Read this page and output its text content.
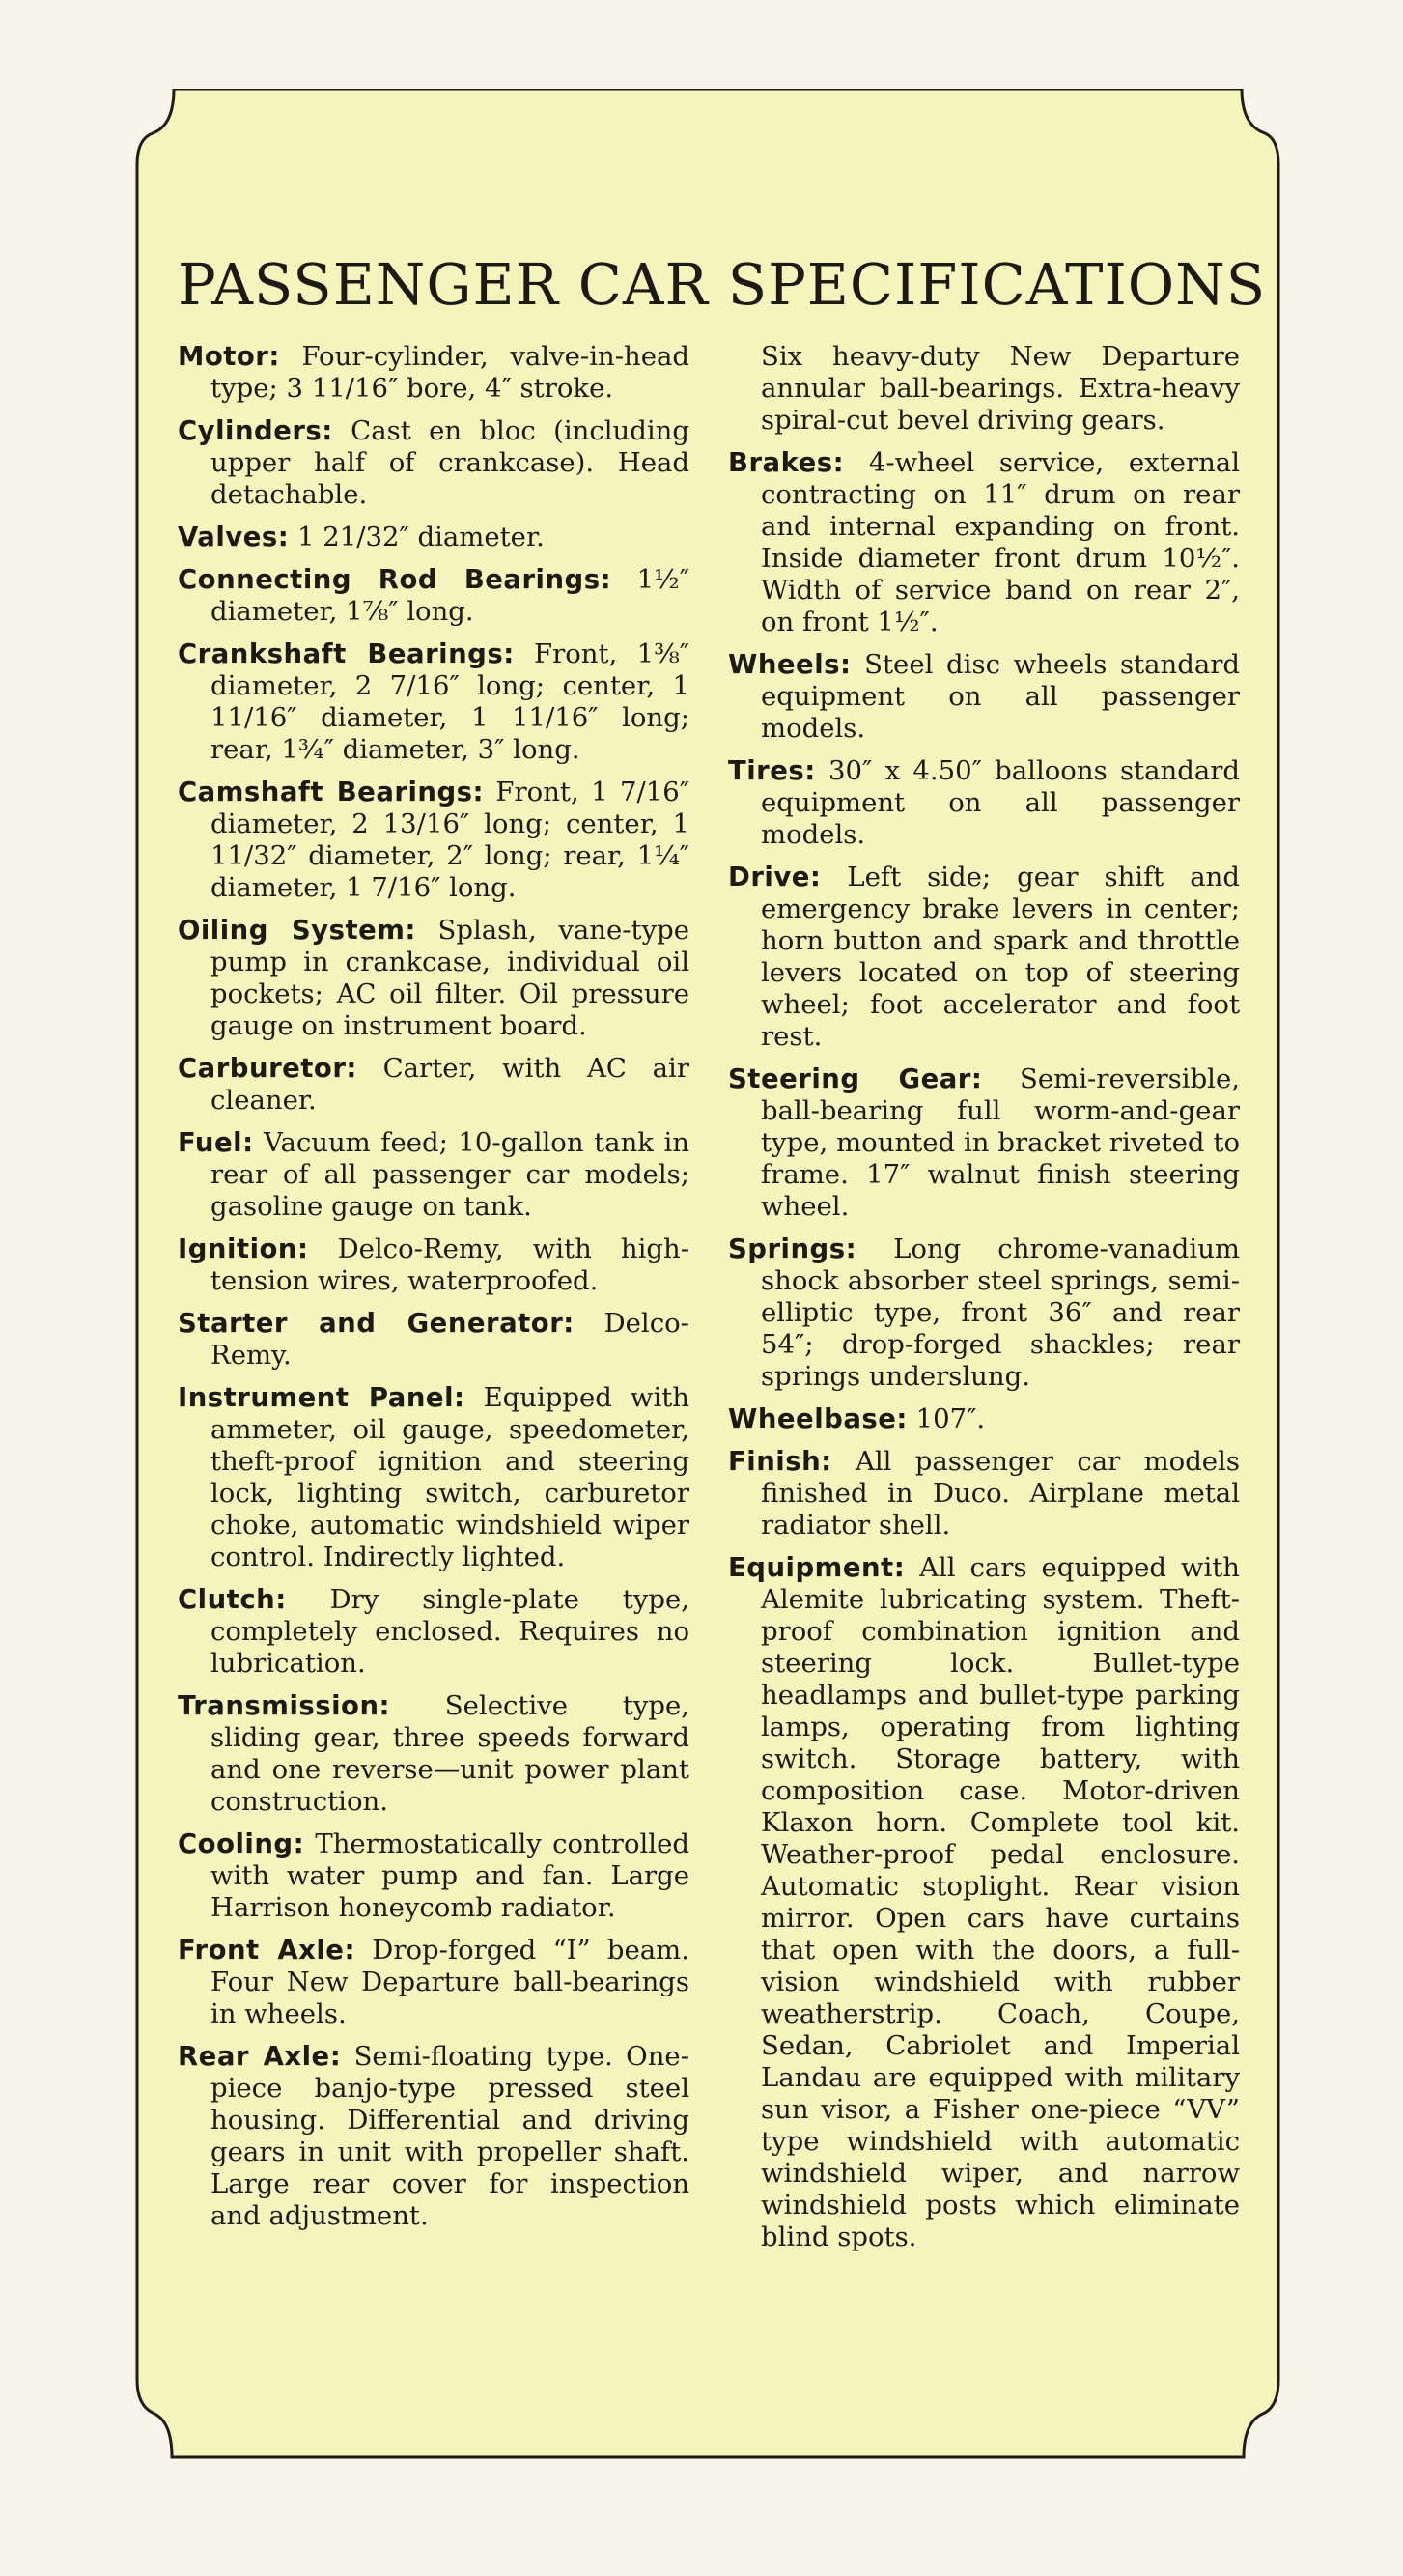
PASSENGER CAR SPECIFICATIONS

Motor: Four-cylinder, valve-in-head type; 3 11/16″ bore, 4″ stroke.

Cylinders: Cast en bloc (including upper half of crankcase). Head detachable.

Valves: 1 21/32″ diameter.

Connecting Rod Bearings: 1½″ diameter, 1⅞″ long.

Crankshaft Bearings: Front, 1⅜″ diameter, 2 7/16″ long; center, 1 11/16″ diameter, 1 11/16″ long; rear, 1¾″ diameter, 3″ long.

Camshaft Bearings: Front, 1 7/16″ diameter, 2 13/16″ long; center, 1 11/32″ diameter, 2″ long; rear, 1¼″ diameter, 1 7/16″ long.

Oiling System: Splash, vane-type pump in crankcase, individual oil pockets; AC oil filter. Oil pressure gauge on instrument board.

Carburetor: Carter, with AC air cleaner.

Fuel: Vacuum feed; 10-gallon tank in rear of all passenger car models; gasoline gauge on tank.

Ignition: Delco-Remy, with high-tension wires, waterproofed.

Starter and Generator: Delco-Remy.

Instrument Panel: Equipped with ammeter, oil gauge, speedometer, theft-proof ignition and steering lock, lighting switch, carburetor choke, automatic windshield wiper control. Indirectly lighted.

Clutch: Dry single-plate type, completely enclosed. Requires no lubrication.

Transmission: Selective type, sliding gear, three speeds forward and one reverse—unit power plant construction.

Cooling: Thermostatically controlled with water pump and fan. Large Harrison honeycomb radiator.

Front Axle: Drop-forged “I” beam. Four New Departure ball-bearings in wheels.

Rear Axle: Semi-floating type. One-piece banjo-type pressed steel housing. Differential and driving gears in unit with propeller shaft. Large rear cover for inspection and adjustment.

Six heavy-duty New Departure annular ball-bearings. Extra-heavy spiral-cut bevel driving gears.

Brakes: 4-wheel service, external contracting on 11″ drum on rear and internal expanding on front. Inside diameter front drum 10½″. Width of service band on rear 2″, on front 1½″.

Wheels: Steel disc wheels standard equipment on all passenger models.

Tires: 30″ x 4.50″ balloons standard equipment on all passenger models.

Drive: Left side; gear shift and emergency brake levers in center; horn button and spark and throttle levers located on top of steering wheel; foot accelerator and foot rest.

Steering Gear: Semi-reversible, ball-bearing full worm-and-gear type, mounted in bracket riveted to frame. 17″ walnut finish steering wheel.

Springs: Long chrome-vanadium shock absorber steel springs, semi-elliptic type, front 36″ and rear 54″; drop-forged shackles; rear springs underslung.

Wheelbase: 107″.

Finish: All passenger car models finished in Duco. Airplane metal radiator shell.

Equipment: All cars equipped with Alemite lubricating system. Theft-proof combination ignition and steering lock. Bullet-type headlamps and bullet-type parking lamps, operating from lighting switch. Storage battery, with composition case. Motor-driven Klaxon horn. Complete tool kit. Weather-proof pedal enclosure. Automatic stoplight. Rear vision mirror. Open cars have curtains that open with the doors, a full-vision windshield with rubber weatherstrip. Coach, Coupe, Sedan, Cabriolet and Imperial Landau are equipped with military sun visor, a Fisher one-piece “VV” type windshield with automatic windshield wiper, and narrow windshield posts which eliminate blind spots.
